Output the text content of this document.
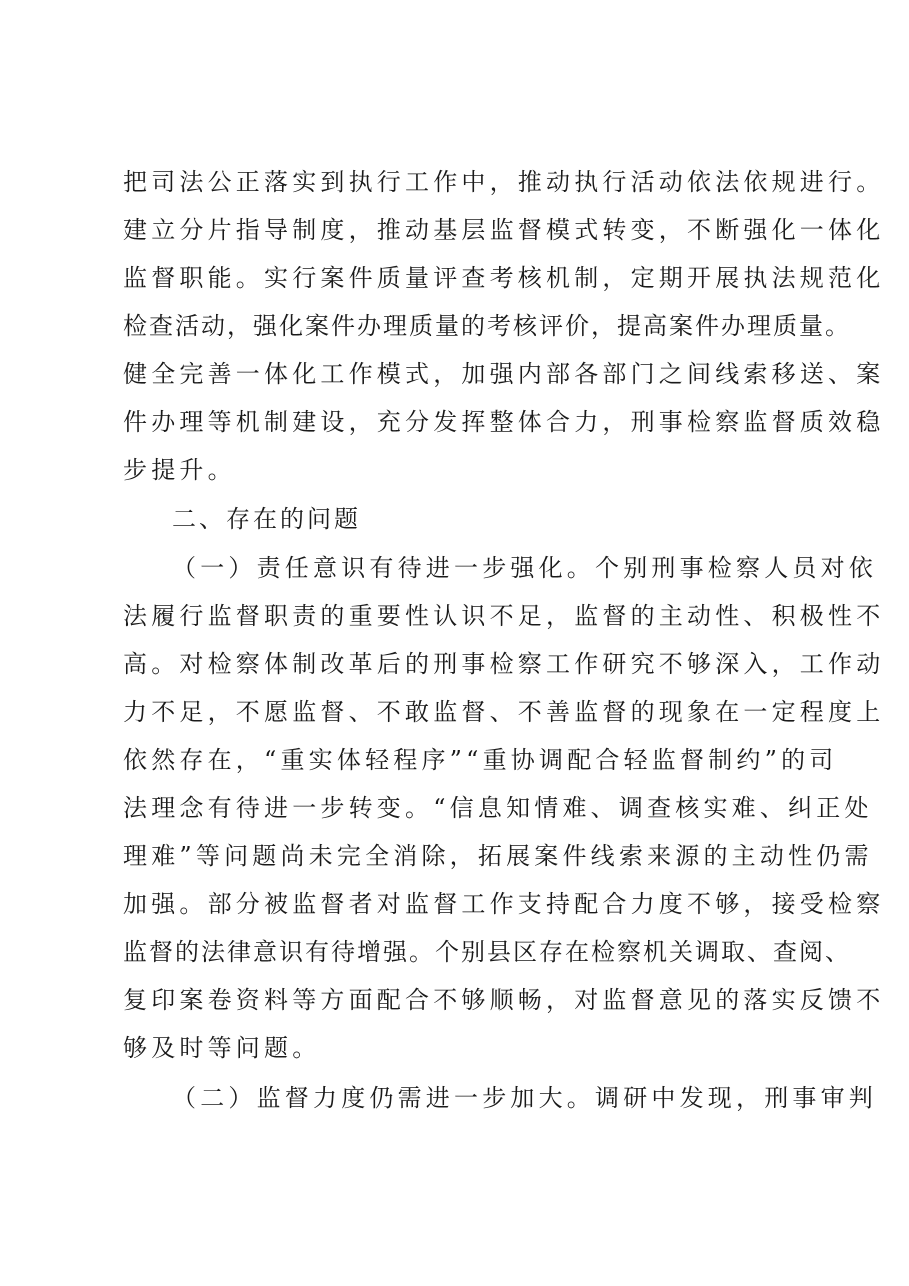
把司法公正落实到执行工作中，推动执行活动依法依规进行。
建立分片指导制度，推动基层监督模式转变，不断强化一体化
监督职能。实行案件质量评查考核机制，定期开展执法规范化
检查活动，强化案件办理质量的考核评价，提高案件办理质量。
健全完善一体化工作模式，加强内部各部门之间线索移送、案
件办理等机制建设，充分发挥整体合力，刑事检察监督质效稳
步提升。
二、存在的问题
（一）责任意识有待进一步强化。个别刑事检察人员对依
法履行监督职责的重要性认识不足，监督的主动性、积极性不
高。对检察体制改革后的刑事检察工作研究不够深入，工作动
力不足，不愿监督、不敢监督、不善监督的现象在一定程度上
依然存在，“重实体轻程序”“重协调配合轻监督制约”的司
法理念有待进一步转变。“信息知情难、调查核实难、纠正处
理难”等问题尚未完全消除，拓展案件线索来源的主动性仍需
加强。部分被监督者对监督工作支持配合力度不够，接受检察
监督的法律意识有待增强。个别县区存在检察机关调取、查阅、
复印案卷资料等方面配合不够顺畅，对监督意见的落实反馈不
够及时等问题。
（二）监督力度仍需进一步加大。调研中发现，刑事审判
